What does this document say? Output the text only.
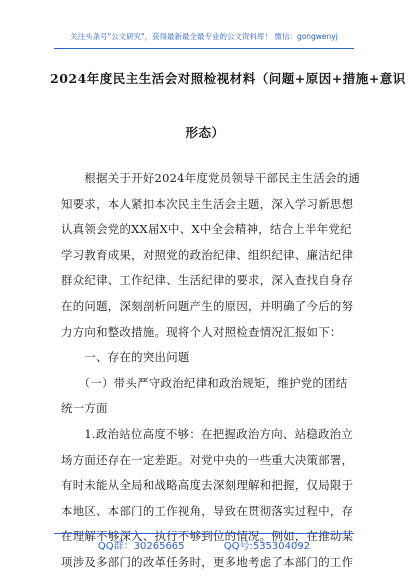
关注头条号"公文研究"，获得最新最全最专业的公文资料库！ 微信：gongwenyj
2024年度民主生活会对照检视材料（问题+原因+措施+意识
形态）
　　根据关于开好2024年度党员领导干部民主生活会的通
知要求，本人紧扣本次民主生活会主题，深入学习新思想
认真领会党的XX届X中、X中全会精神，结合上半年党纪
学习教育成果，对照党的政治纪律、组织纪律、廉洁纪律
群众纪律、工作纪律、生活纪律的要求，深入查找自身存
在的问题，深刻剖析问题产生的原因，并明确了今后的努
力方向和整改措施。现将个人对照检查情况汇报如下：
　　一、存在的突出问题
　　（一）带头严守政治纪律和政治规矩，维护党的团结
统一方面
　　1.政治站位高度不够：在把握政治方向、站稳政治立
场方面还存在一定差距。对党中央的一些重大决策部署，
有时未能从全局和战略高度去深刻理解和把握，仅局限于
本地区、本部门的工作视角，导致在贯彻落实过程中，存
在理解不够深入、执行不够到位的情况。例如，在推动某
项涉及多部门的改革任务时，更多地考虑了本部门的工作
QQ群：30265665	QQ号:535304092
